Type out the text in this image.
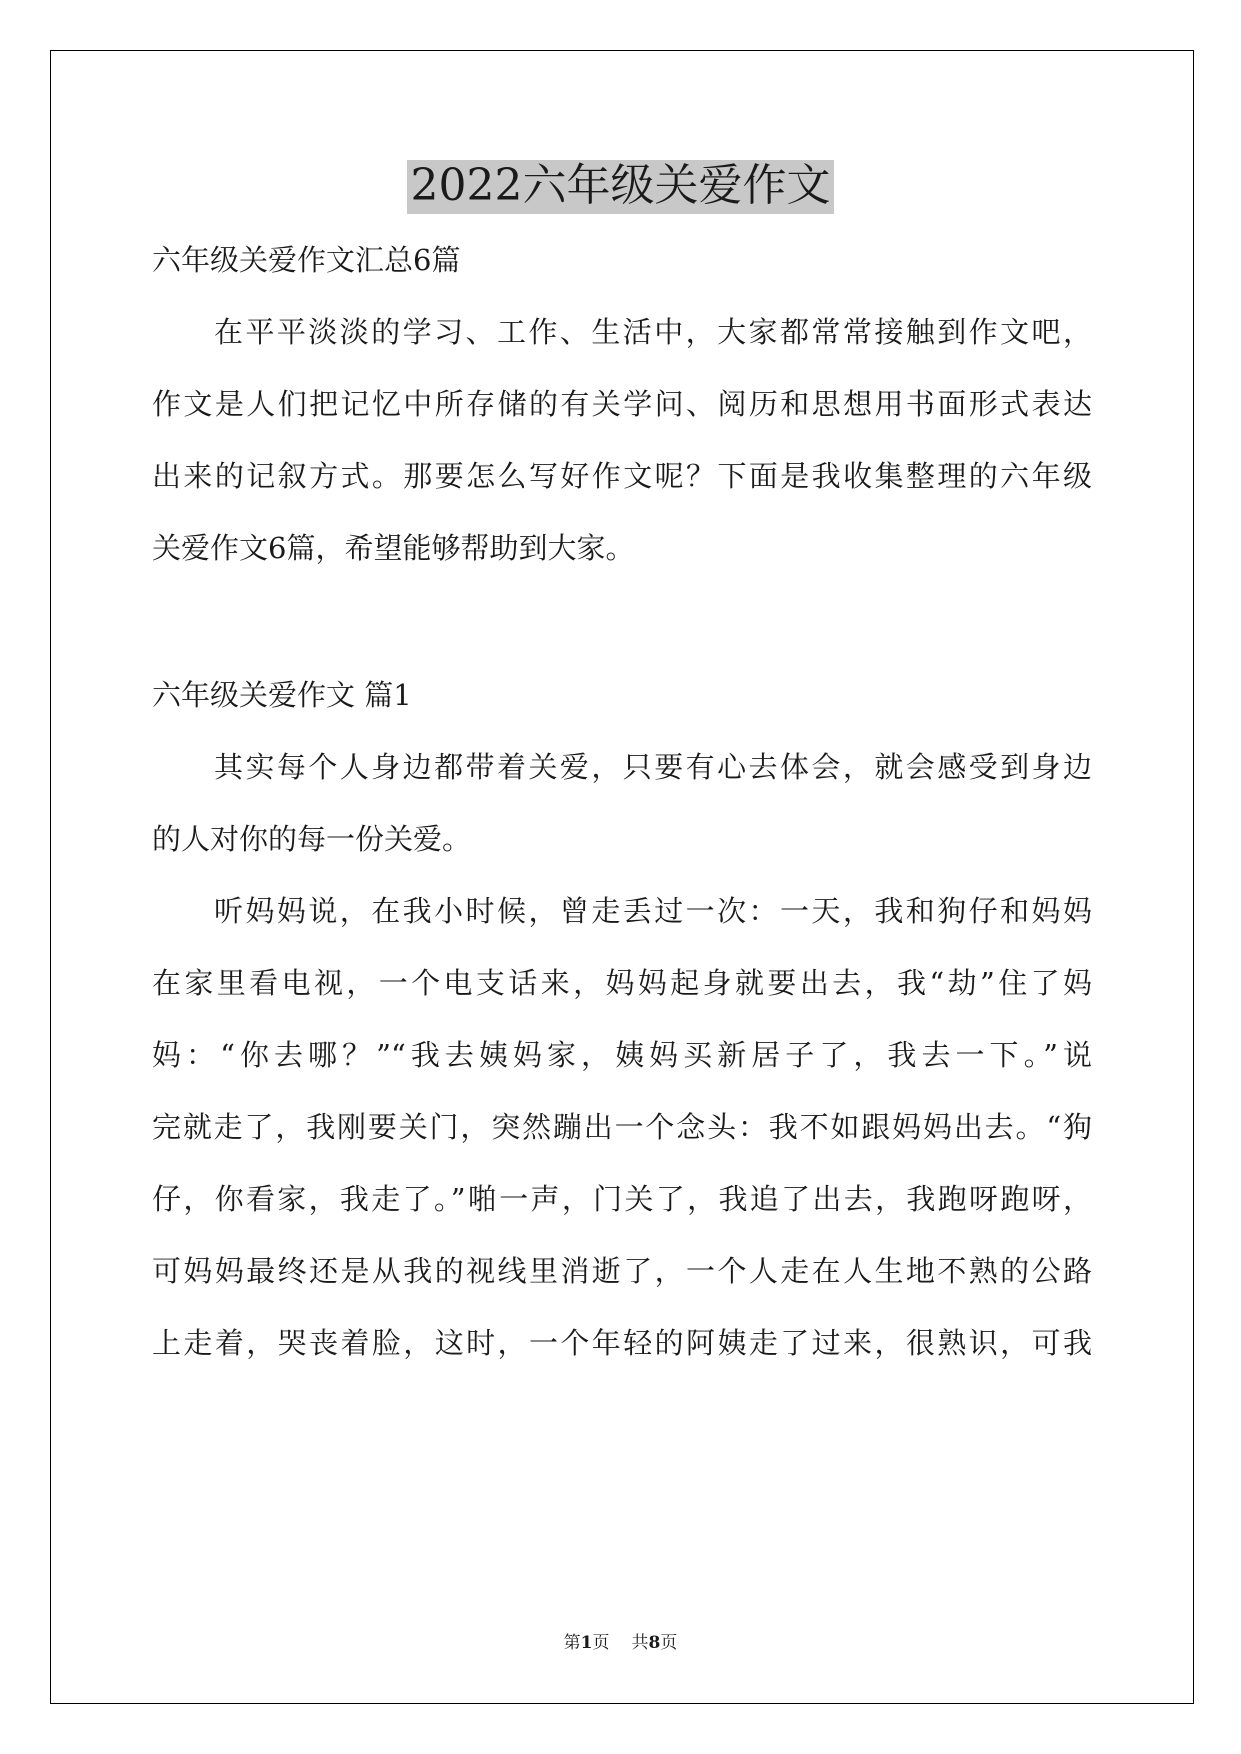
2022六年级关爱作文

六年级关爱作文汇总6篇

在平平淡淡的学习、工作、生活中，大家都常常接触到作文吧，

作文是人们把记忆中所存储的有关学问、阅历和思想用书面形式表达

出来的记叙方式。那要怎么写好作文呢？下面是我收集整理的六年级

关爱作文6篇，希望能够帮助到大家。

六年级关爱作文 篇1

其实每个人身边都带着关爱，只要有心去体会，就会感受到身边

的人对你的每一份关爱。

听妈妈说，在我小时候，曾走丢过一次：一天，我和狗仔和妈妈

在家里看电视，一个电支话来，妈妈起身就要出去，我“劫”住了妈

妈：“你去哪？”“我去姨妈家，姨妈买新居子了，我去一下。”说

完就走了，我刚要关门，突然蹦出一个念头：我不如跟妈妈出去。“狗

仔，你看家，我走了。”啪一声，门关了，我追了出去，我跑呀跑呀，

可妈妈最终还是从我的视线里消逝了，一个人走在人生地不熟的公路

上走着，哭丧着脸，这时，一个年轻的阿姨走了过来，很熟识，可我

第1页 共8页
